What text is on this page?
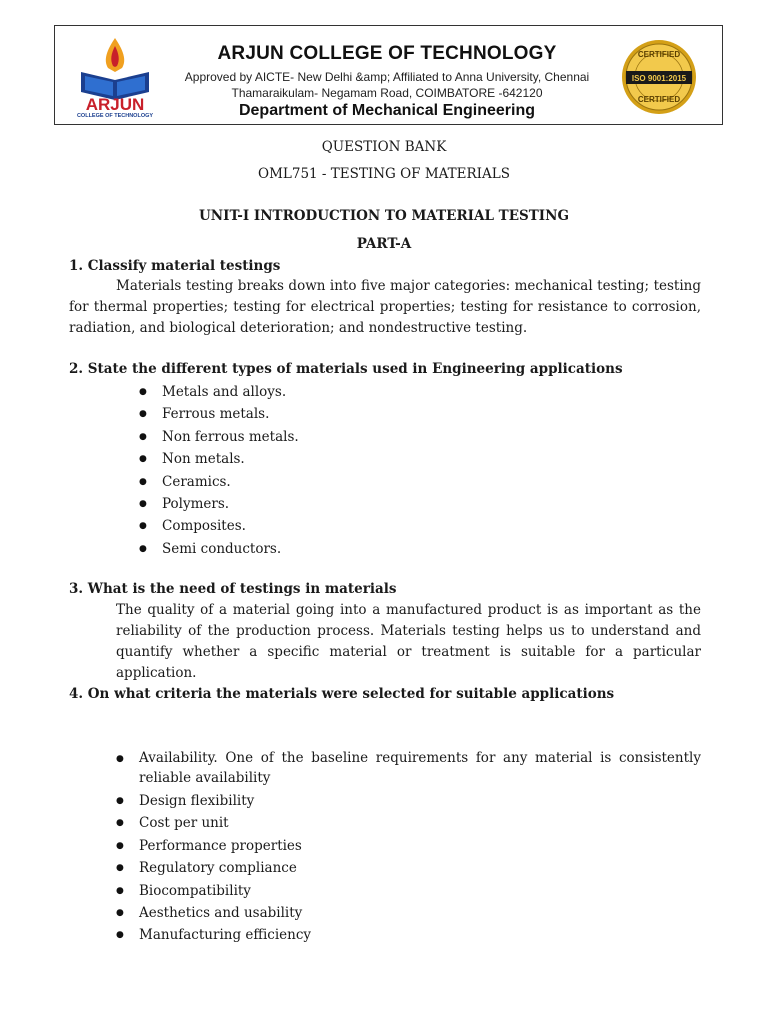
ARJUN
COLLEGE OF TECHNOLOGY
ARJUN COLLEGE OF TECHNOLOGY
Approved by AICTE- New Delhi &amp; Affiliated to Anna University, Chennai
Thamaraikulam- Negamam Road, COIMBATORE -642120
Department of Mechanical Engineering
CERTIFIED
ISO 9001:2015
CERTIFIED
QUESTION BANK
OML751 - TESTING OF MATERIALS
UNIT-I INTRODUCTION TO MATERIAL TESTING
PART-A
1. Classify material testings
Materials testing breaks down into five major categories: mechanical testing; testing for thermal properties; testing for electrical properties; testing for resistance to corrosion, radiation, and biological deterioration; and nondestructive testing.
2. State the different types of materials used in Engineering applications
● Metals and alloys.
● Ferrous metals.
● Non ferrous metals.
● Non metals.
● Ceramics.
● Polymers.
● Composites.
● Semi conductors.
3. What is the need of testings in materials
The quality of a material going into a manufactured product is as important as the reliability of the production process. Materials testing helps us to understand and quantify whether a specific material or treatment is suitable for a particular application.
4. On what criteria the materials were selected for suitable applications
● Availability. One of the baseline requirements for any material is consistently reliable availability
● Design flexibility
● Cost per unit
● Performance properties
● Regulatory compliance
● Biocompatibility
● Aesthetics and usability
● Manufacturing efficiency
